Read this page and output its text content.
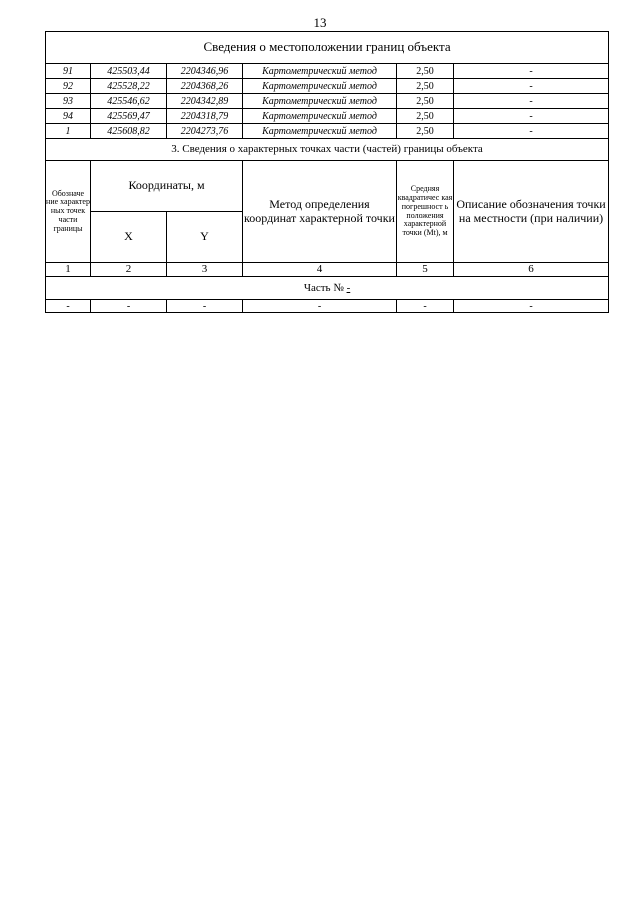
13
Сведения о местоположении границ объекта					
91	425503,44	2204346,96	Картометрический метод	2,50	-
92	425528,22	2204368,26	Картометрический метод	2,50	-
93	425546,62	2204342,89	Картометрический метод	2,50	-
94	425569,47	2204318,79	Картометрический метод	2,50	-
1	425608,82	2204273,76	Картометрический метод	2,50	-
3. Сведения о характерных точках части (частей) границы объекта					
Обозначе ние характер ных точек части границы	Координаты, м		Метод определения координат характерной точки	Средняя квадратичес кая погрешност ь положения характерной точки (Mt), м	Описание обозначения точки на местности (при наличии)
	X	Y			
1	2	3	4	5	6
Часть № -					
-	-	-	-	-	-
